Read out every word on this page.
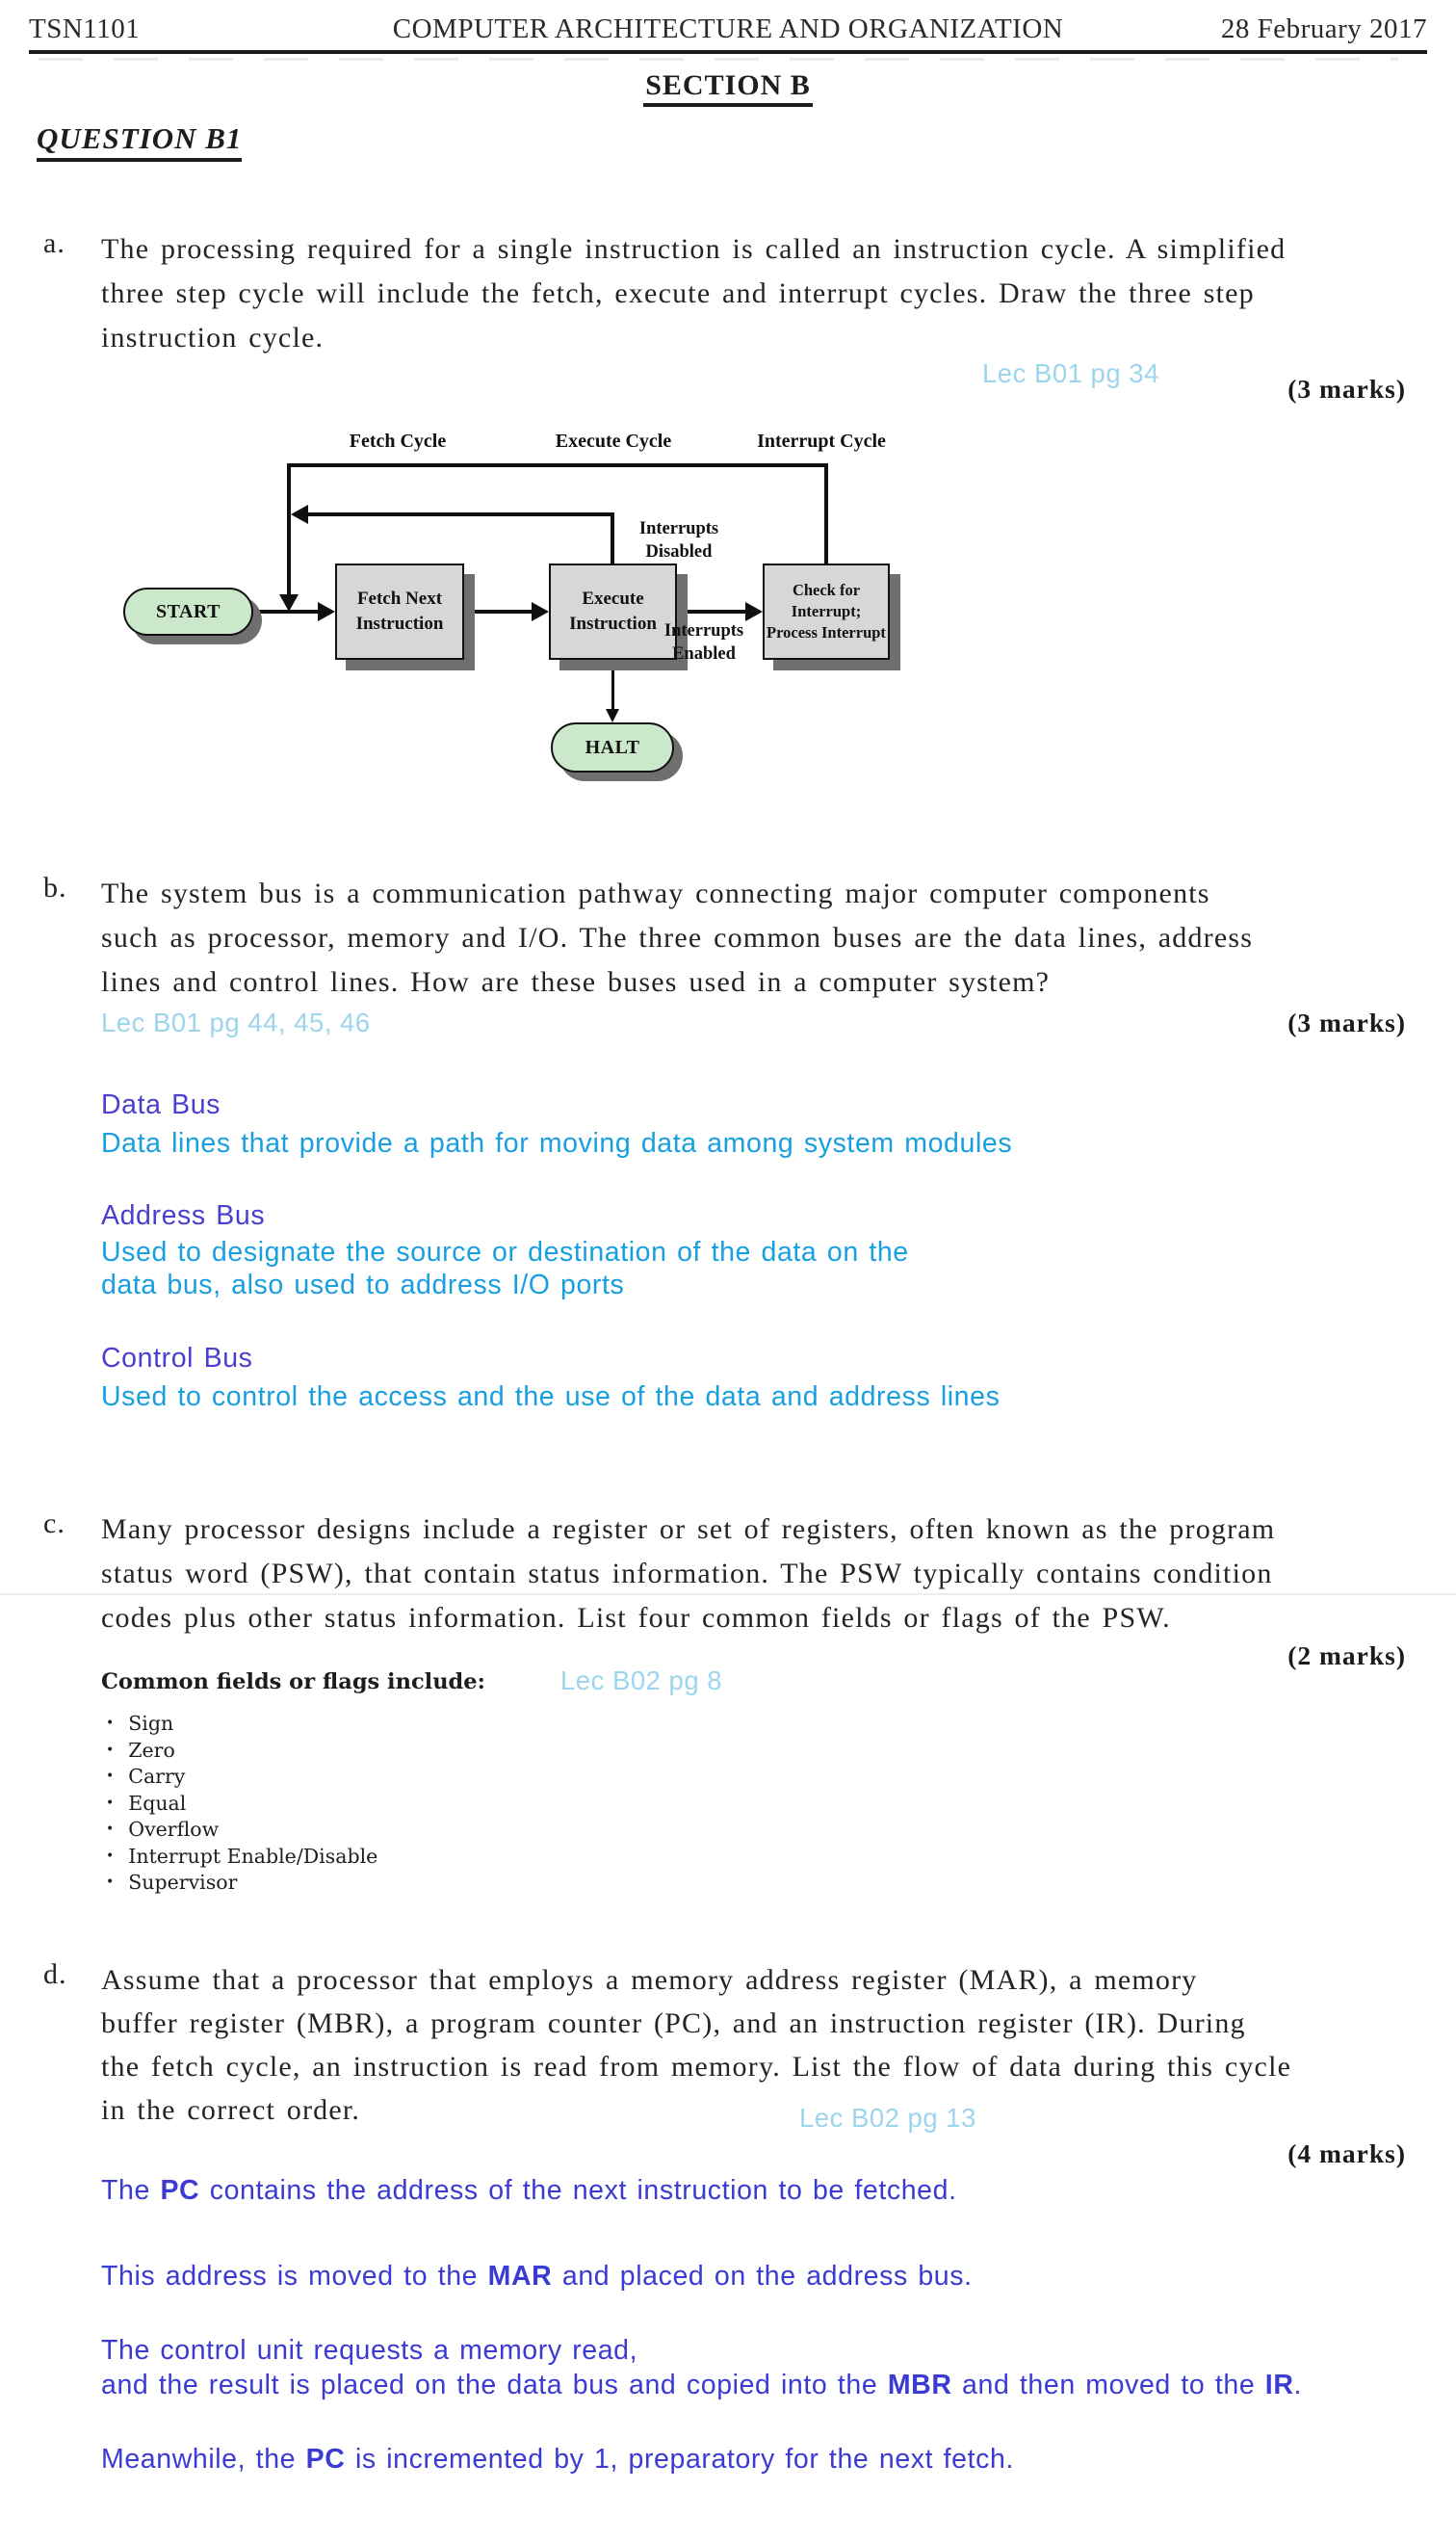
TSN1101	COMPUTER ARCHITECTURE AND ORGANIZATION	28 February 2017
SECTION B
QUESTION B1
a. The processing required for a single instruction is called an instruction cycle. A simplified
three step cycle will include the fetch, execute and interrupt cycles. Draw the three step
instruction cycle.
Lec B01 pg 34
(3 marks)
Fetch Cycle	Execute Cycle	Interrupt Cycle
Interrupts
Disabled
START
Fetch Next
Instruction
Execute
Instruction
Check for
Interrupt;
Process Interrupt
Interrupts
Enabled
HALT
b. The system bus is a communication pathway connecting major computer components
such as processor, memory and I/O. The three common buses are the data lines, address
lines and control lines. How are these buses used in a computer system?
Lec B01 pg 44, 45, 46	(3 marks)
Data Bus
Data lines that provide a path for moving data among system modules
Address Bus
Used to designate the source or destination of the data on the
data bus, also used to address I/O ports
Control Bus
Used to control the access and the use of the data and address lines
c. Many processor designs include a register or set of registers, often known as the program
status word (PSW), that contain status information. The PSW typically contains condition
codes plus other status information. List four common fields or flags of the PSW.
(2 marks)
Common fields or flags include:	Lec B02 pg 8
• Sign
• Zero
• Carry
• Equal
• Overflow
• Interrupt Enable/Disable
• Supervisor
d. Assume that a processor that employs a memory address register (MAR), a memory
buffer register (MBR), a program counter (PC), and an instruction register (IR). During
the fetch cycle, an instruction is read from memory. List the flow of data during this cycle
in the correct order.	Lec B02 pg 13
(4 marks)
The PC contains the address of the next instruction to be fetched.
This address is moved to the MAR and placed on the address bus.
The control unit requests a memory read,
and the result is placed on the data bus and copied into the MBR and then moved to the IR.
Meanwhile, the PC is incremented by 1, preparatory for the next fetch.
